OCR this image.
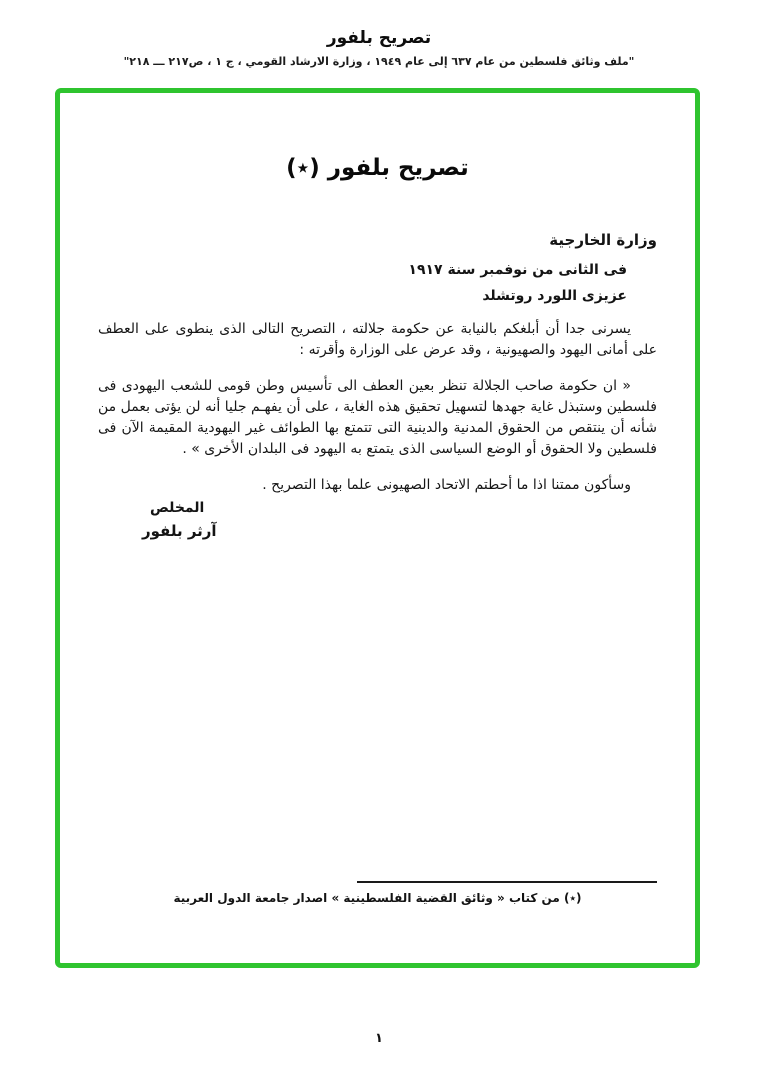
تصريح بلفور
"ملف وثائق فلسطين من عام ٦٣٧ إلى عام ١٩٤٩ ، وزارة الارشاد القومي ، ج ١ ، ص٢١٧ ـــ ٢١٨"
تصريح بلفور (٭)
وزارة الخارجية
فى الثانى من نوفمبر سنة ١٩١٧
عزيزى اللورد روتشلد

يسرنى جدا أن أبلغكم بالنيابة عن حكومة جلالته ، التصريح التالى الذى ينطوى على العطف على أمانى اليهود والصهيونية ، وقد عرض على الوزارة وأقرته :

« ان حكومة صاحب الجلالة تنظر بعين العطف الى تأسيس وطن قومى للشعب اليهودى فى فلسطين وستبذل غاية جهدها لتسهيل تحقيق هذه الغاية ، على أن يفهـم جليا أنه لن يؤتى بعمل من شأنه أن ينتقص من الحقوق المدنية والدينية التى تتمتع بها الطوائف غير اليهودية المقيمة الآن فى فلسطين ولا الحقوق أو الوضع السياسى الذى يتمتع به اليهود فى البلدان الأخرى » .

وسأكون ممتنا اذا ما أحطتم الاتحاد الصهيونى علما بهذا التصريح .

المخلص
آرثر بلفور
(٭) من كتاب « وثائق القضية الفلسطينية » اصدار جامعة الدول العربية
١
